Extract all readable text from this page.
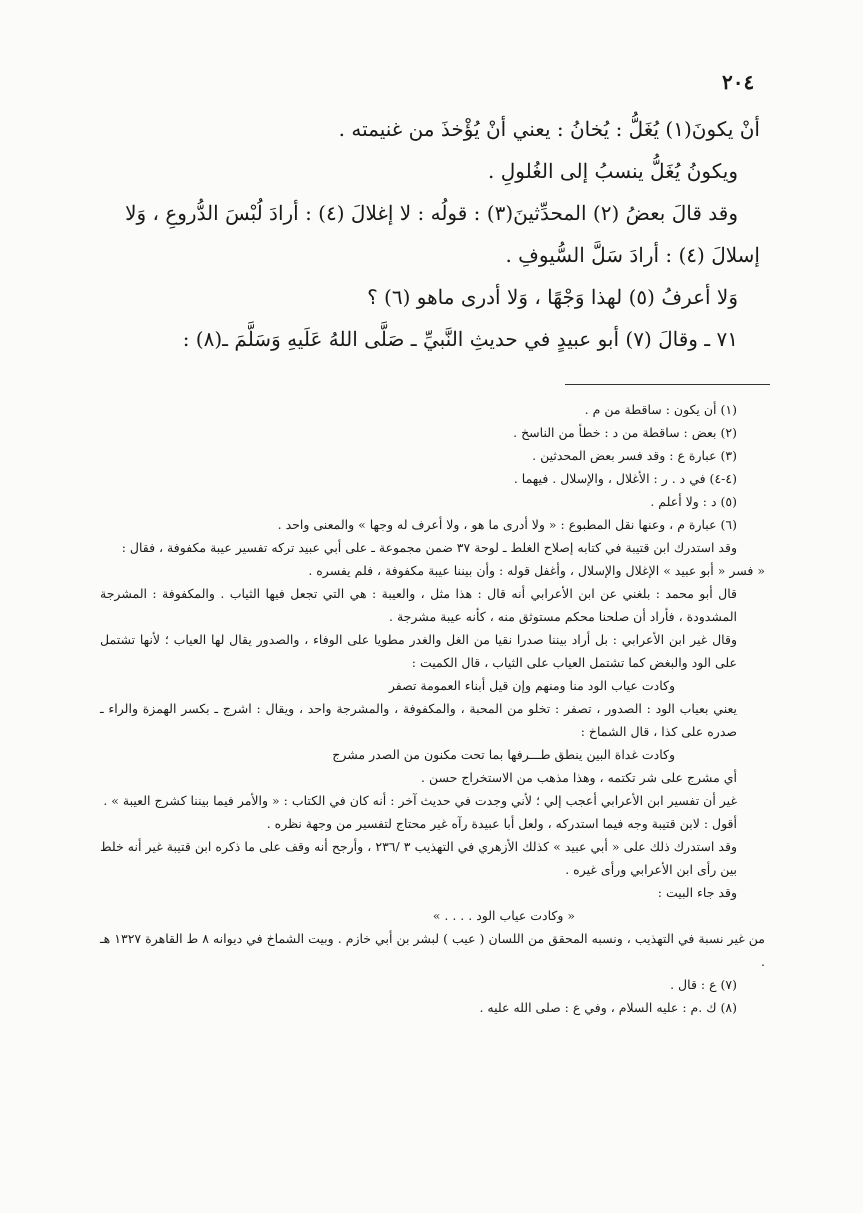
٢٠٤

أنْ يكونَ(١) يُغَلُّ : يُخانُ : يعني أنْ يُؤْخذَ من غنيمته .

ويكونُ يُغَلُّ ينسبُ إلى الغُلولِ .

وقد قالَ بعضُ (٢) المحدِّثينَ(٣) : قولُه : لا إغلالَ (٤) : أرادَ لُبْسَ الدُّروعِ ، وَلا

إسلالَ (٤) : أرادَ سَلَّ السُّيوفِ .

وَلا أعرفُ (٥) لهذا وَجْهًا ، وَلا أدرى ماهو (٦) ؟

٧١ ـ وقالَ (٧) أبو عبيدٍ في حديثِ النَّبيِّ ـ صَلَّى اللهُ عَلَيهِ وَسَلَّمَ ـ(٨) :

(١) أن يكون : ساقطة من م .

(٢) بعض : ساقطة من د : خطأ من الناسخ .

(٣) عبارة ع : وقد فسر بعض المحدثين .

(٤-٤) في د . ر : الأغلال ، والإسلال . فيهما .

(٥) د : ولا أعلم .

(٦) عبارة م ، وعنها نقل المطبوع : « ولا أدرى ما هو ، ولا أعرف له وجها » والمعنى واحد .

وقد استدرك ابن قتيبة في كتابه إصلاح الغلط ـ لوحة ٣٧ ضمن مجموعة ـ على أبي عبيد تركه تفسير عيبة مكفوفة ، فقال :

« فسر « أبو عبيد » الإغلال والإسلال ، وأغفل قوله : وأن بيننا عيبة مكفوفة ، فلم يفسره .

قال أبو محمد : بلغني عن ابن الأعرابي أنه قال : هذا مثل ، والعيبة : هي التي تجعل فيها الثياب . والمكفوفة : المشرجة المشدودة ، فأراد أن صلحنا محكم مستوثق منه ، كأنه عيبة مشرجة .

وقال غير ابن الأعرابي : بل أراد بيننا صدرا نقيا من الغل والغدر مطويا على الوفاء ، والصدور يقال لها العياب ؛ لأنها تشتمل على الود والبغض كما تشتمل العياب على الثياب ، قال الكميت :

وكادت عياب الود منا ومنهم وإن قيل أبناء العمومة تصفر

يعني بعياب الود : الصدور ، تصفر : تخلو من المحبة ، والمكفوفة ، والمشرجة واحد ، ويقال : اشرج ـ بكسر الهمزة والراء ـ صدره على كذا ، قال الشماخ :

وكادت غداة البين ينطق طـــرفها بما تحت مكنون من الصدر مشرج

أي مشرج على شر تكتمه ، وهذا مذهب من الاستخراج حسن .

غير أن تفسير ابن الأعرابي أعجب إلي ؛ لأني وجدت في حديث آخر : أنه كان في الكتاب : « والأمر فيما بيننا كشرج العيبة » .

أقول : لابن قتيبة وجه فيما استدركه ، ولعل أبا عبيدة رآه غير محتاج لتفسير من وجهة نظره .

وقد استدرك ذلك على « أبي عبيد » كذلك الأزهري في التهذيب ٣ /٢٣٦ ، وأرجح أنه وقف على ما ذكره ابن قتيبة غير أنه خلط بين رأى ابن الأعرابي ورأى غيره .

وقد جاء البيت :

« وكادت عياب الود . . . . »

من غير نسبة في التهذيب ، ونسبه المحقق من اللسان ( عيب ) لبشر بن أبي خازم . وبيت الشماخ في ديوانه ٨ ط القاهرة ١٣٢٧ هـ .

(٧) ع : قال .

(٨) ك .م : عليه السلام ، وفي ع : صلى الله عليه .
